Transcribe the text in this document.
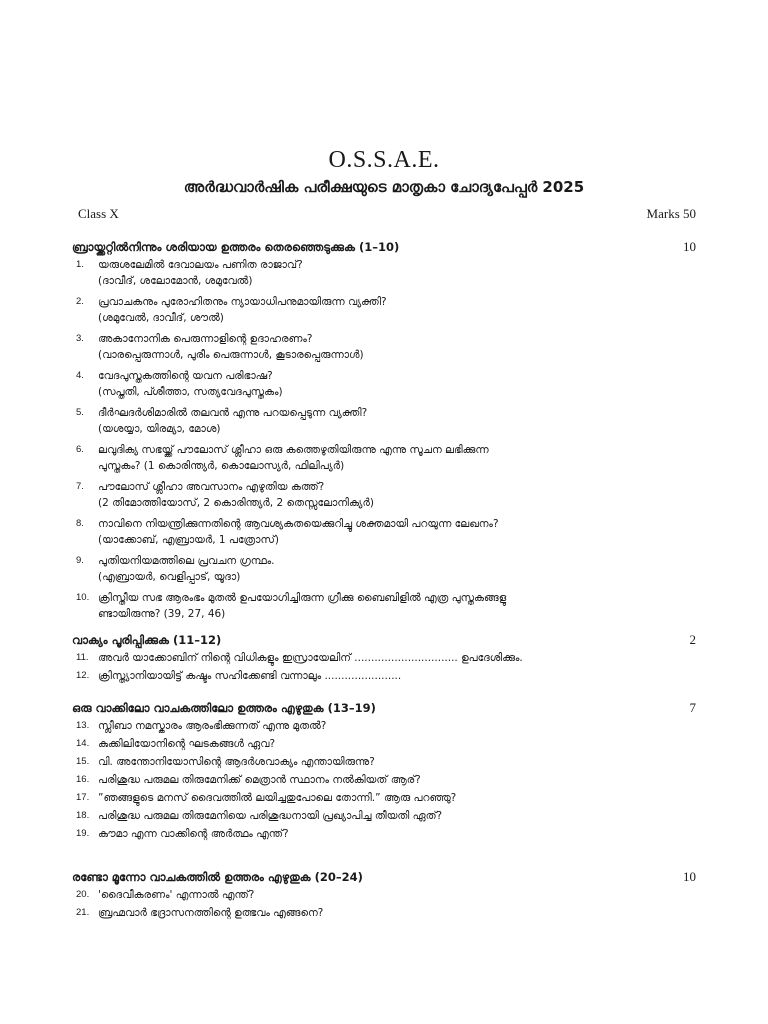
O.S.S.A.E.
അർദ്ധവാർഷിക പരീക്ഷയുടെ മാതൃകാ ചോദ്യപേപ്പർ 2025
Class X	Marks 50
ബ്രായ്ക്കറ്റിൽനിന്നും ശരിയായ ഉത്തരം തെരഞ്ഞെടുക്കുക (1–10)	10
1. യരുശലേമിൽ ദേവാലയം പണിത രാജാവ്?
(ദാവീദ്, ശലോമോൻ, ശമുവേൽ)
2. പ്രവാചകനും പുരോഹിതനും ന്യായാധിപനുമായിരുന്ന വ്യക്തി?
(ശമുവേൽ, ദാവീദ്, ശൗൽ)
3. അകാനോനിക പെരുന്നാളിന്റെ ഉദാഹരണം?
(വാരപ്പെരുന്നാൾ, പുരീം പെരുന്നാൾ, കൂടാരപ്പെരുന്നാൾ)
4. വേദപുസ്തകത്തിന്റെ യവന പരിഭാഷ?
(സപ്തതി, പ്ശീത്താ, സത്യവേദപുസ്തകം)
5. ദീർഘദർശിമാരിൽ തലവൻ എന്നു പറയപ്പെടുന്ന വ്യക്തി?
(യശയ്യാ, യിരമ്യാ, മോശ)
6. ലവുദിക്യ സഭയ്ക്ക് പൗലോസ് ശ്ലീഹാ ഒരു കത്തെഴുതിയിരുന്നു എന്നു സൂചന ലഭിക്കുന്ന
പുസ്തകം? (1 കൊരിന്ത്യർ, കൊലോസ്യർ, ഫിലിപ്യർ)
7. പൗലോസ് ശ്ലീഹാ അവസാനം എഴുതിയ കത്ത്?
(2 തിമോത്തിയോസ്, 2 കൊരിന്ത്യർ, 2 തെസ്സലോനിക്യർ)
8. നാവിനെ നിയന്ത്രിക്കുന്നതിന്റെ ആവശ്യകതയെക്കുറിച്ചു ശക്തമായി പറയുന്ന ലേഖനം?
(യാക്കോബ്, എബ്രായർ, 1 പത്രോസ്)
9. പുതിയനിയമത്തിലെ പ്രവചന ഗ്രന്ഥം.
(എബ്രായർ, വെളിപ്പാട്, യൂദാ)
10. ക്രിസ്തീയ സഭ ആരംഭം മുതൽ ഉപയോഗിച്ചിരുന്ന ഗ്രീക്കു ബൈബിളിൽ എത്ര പുസ്തകങ്ങളു
ണ്ടായിരുന്നു? (39, 27, 46)
വാക്യം പൂരിപ്പിക്കുക (11–12)	2
11. അവർ യാക്കോബിന് നിന്റെ വിധികളും ഇസ്രായേലിന് ............................... ഉപദേശിക്കും.
12. ക്രിസ്ത്യാനിയായിട്ട് കഷ്ടം സഹിക്കേണ്ടി വന്നാലും .......................
ഒരു വാക്കിലോ വാചകത്തിലോ ഉത്തരം എഴുതുക (13–19)	7
13. സ്ലീബാ നമസ്കാരം ആരംഭിക്കുന്നത് എന്നു മുതൽ?
14. കുക്കിലിയോനിന്റെ ഘടകങ്ങൾ ഏവ?
15. വി. അന്തോനിയോസിന്റെ ആദർശവാക്യം എന്തായിരുന്നു?
16. പരിശുദ്ധ പരുമല തിരുമേനിക്ക് മെത്രാൻ സ്ഥാനം നൽകിയത് ആര്?
17. ”ഞങ്ങളുടെ മനസ് ദൈവത്തിൽ ലയിച്ചതുപോലെ തോന്നി.” ആരു പറഞ്ഞു?
18. പരിശുദ്ധ പരുമല തിരുമേനിയെ പരിശുദ്ധനായി പ്രഖ്യാപിച്ച തീയതി ഏത്?
19. കൗമാ എന്ന വാക്കിന്റെ അർത്ഥം എന്ത്?
രണ്ടോ മൂന്നോ വാചകത്തിൽ ഉത്തരം എഴുതുക (20–24)	10
20. 'ദൈവീകരണം' എന്നാൽ എന്ത്?
21. ബ്രഹ്മവാർ ഭദ്രാസനത്തിന്റെ ഉത്ഭവം എങ്ങനെ?
